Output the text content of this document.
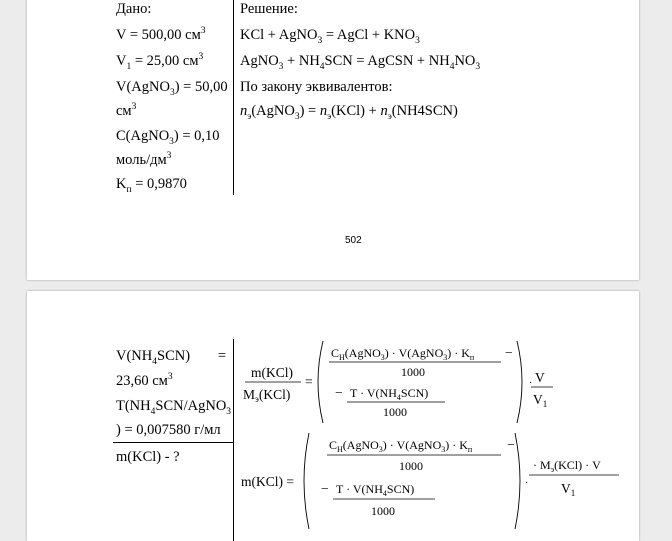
Дано:
V = 500,00 $см^3$
$V_1 = 25,00$ $см^3$
V(AgNO$_3$) = 50,00
$см^3$
C(AgNO$_3$) = 0,10
моль/$дм^3$
$K_п = 0,9870$
Решение:
KCl + AgNO$_3$ = AgCl + $KNO_3$
AgNO$_3$ + $NH_4SCN$ = AgCSN + $NH_4NO_3$
По закону эквивалентов:
$n_э(AgNO_3) = n_э(KCl) + n_э(NH4SCN)$
502
$V(NH_4SCN)$ =
23,60 $см^3$
$T(NH_4SCN/AgNO_3$
) = 0,007580 г/мл
m(KCl) - ?
m(KCl)
$M_э(KCl)$
=
$C_H(AgNO_3)$ · V(AgNO$_3$) · $K_п$ −
1000
− $T \cdot V(NH_4SCN)$
1000
· V
$V_1$
m(KCl) =
$C_H(AgNO_3)$ · V(AgNO$_3$) · $K_п$	−
1000
− $T \cdot V(NH_4SCN)$
1000
·
· $M_э(KCl) \cdot V$
$V_1$
